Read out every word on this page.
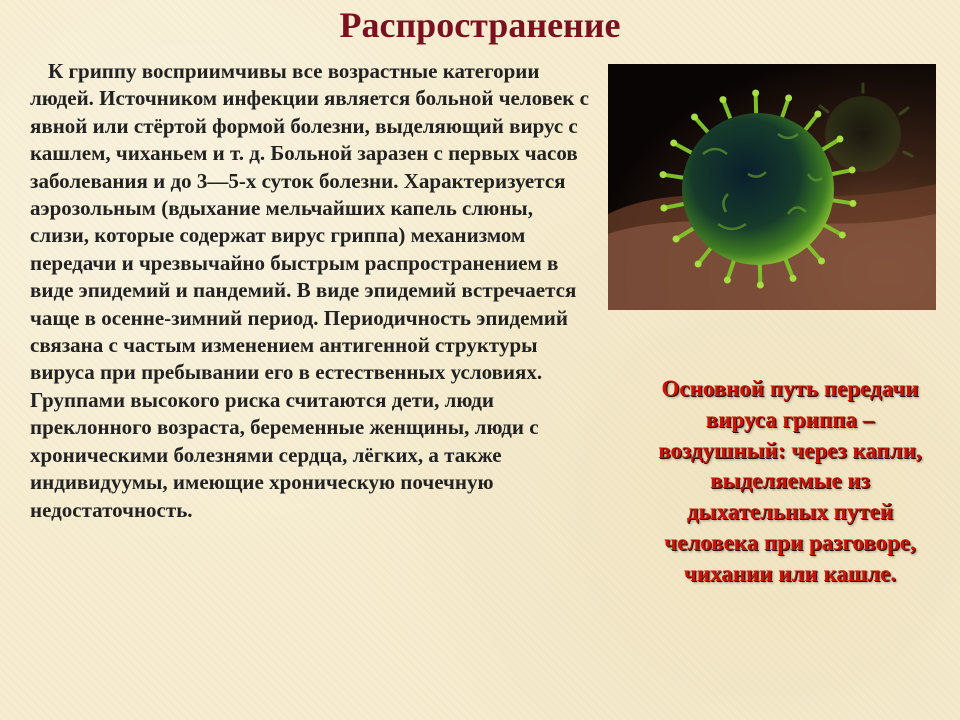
Распространение

К гриппу восприимчивы все возрастные категории людей. Источником инфекции является больной человек с явной или стёртой формой болезни, выделяющий вирус с кашлем, чиханьем и т. д. Больной заразен с первых часов заболевания и до 3—5-х суток болезни. Характеризуется аэрозольным (вдыхание мельчайших капель слюны, слизи, которые содержат вирус гриппа) механизмом передачи и чрезвычайно быстрым распространением в виде эпидемий и пандемий. В виде эпидемий встречается чаще в осенне-зимний период. Периодичность эпидемий связана с частым изменением антигенной структуры вируса при пребывании его в естественных условиях. Группами высокого риска считаются дети, люди преклонного возраста, беременные женщины, люди с хроническими болезнями сердца, лёгких, а также индивидуумы, имеющие хроническую почечную недостаточность.

Основной путь передачи вируса гриппа – воздушный: через капли, выделяемые из дыхательных путей человека при разговоре, чихании или кашле.
